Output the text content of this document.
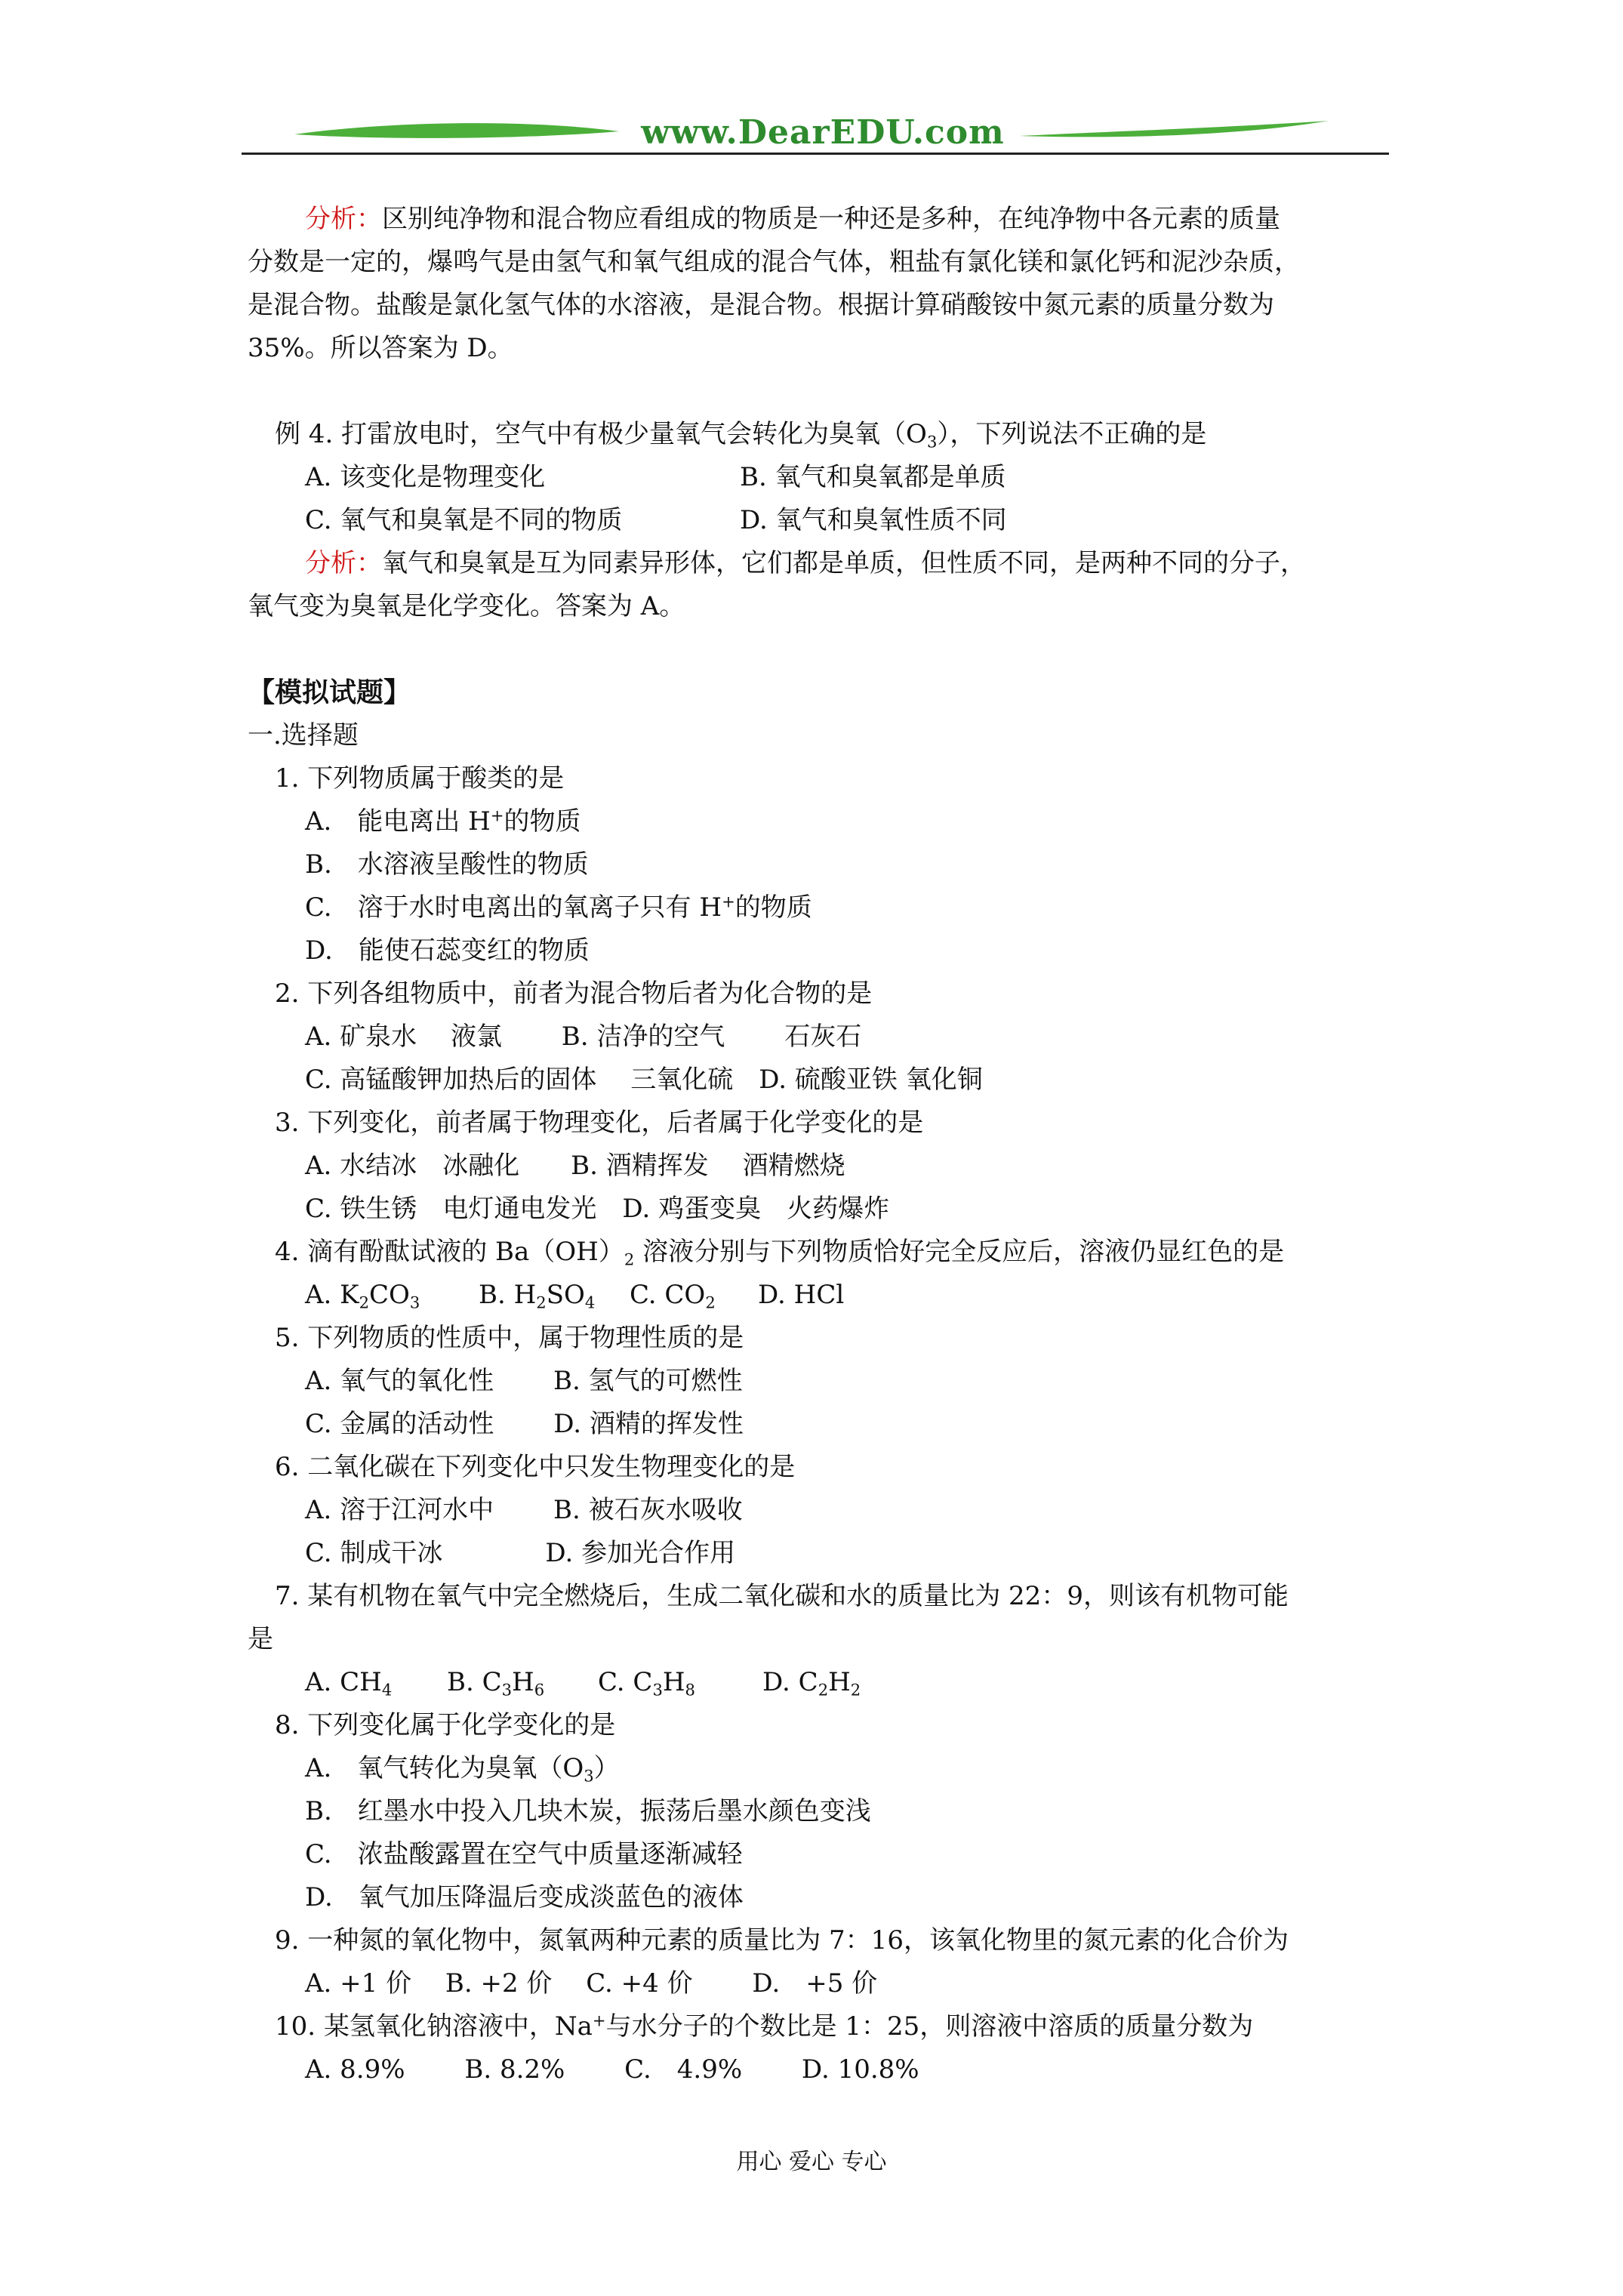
www.DearEDU.com

分析：区别纯净物和混合物应看组成的物质是一种还是多种，在纯净物中各元素的质量

分数是一定的，爆鸣气是由氢气和氧气组成的混合气体，粗盐有氯化镁和氯化钙和泥沙杂质，

是混合物。盐酸是氯化氢气体的水溶液，是混合物。根据计算硝酸铵中氮元素的质量分数为

35%。所以答案为 D。

例 4. 打雷放电时，空气中有极少量氧气会转化为臭氧$(O_3)$，下列说法不正确的是

A. 该变化是物理变化	B. 氧气和臭氧都是单质

C. 氧气和臭氧是不同的物质	D. 氧气和臭氧性质不同

分析：氧气和臭氧是互为同素异形体，它们都是单质，但性质不同，是两种不同的分子，

氧气变为臭氧是化学变化。答案为 A。

【模拟试题】

一.选择题

1. 下列物质属于酸类的是

A.　能电离出 H+的物质

B.　水溶液呈酸性的物质

C.　溶于水时电离出的氧离子只有 H+的物质

D.　能使石蕊变红的物质

2. 下列各组物质中，前者为混合物后者为化合物的是

A. 矿泉水　 液氯　　 B. 洁净的空气　　 石灰石

C. 高锰酸钾加热后的固体　 三氧化硫　D. 硫酸亚铁 氧化铜

3. 下列变化，前者属于物理变化，后者属于化学变化的是

A. 水结冰　冰融化　　B. 酒精挥发　 酒精燃烧

C. 铁生锈　电灯通电发光　D. 鸡蛋变臭　火药爆炸

4. 滴有酚酞试液的 $Ba(OH)_2$ 溶液分别与下列物质恰好完全反应后，溶液仍显红色的是

A. $K_2CO_3$ B. $H_2SO_4$ C. $CO_2$ D. HCl

5. 下列物质的性质中，属于物理性质的是

A. 氧气的氧化性　　 B. 氢气的可燃性

C. 金属的活动性　　 D. 酒精的挥发性

6. 二氧化碳在下列变化中只发生物理变化的是

A. 溶于江河水中　　 B. 被石灰水吸收

C. 制成干冰　　　　D. 参加光合作用

7. 某有机物在氧气中完全燃烧后，生成二氧化碳和水的质量比为 22：9，则该有机物可能

是

A. $CH_4$ B. $C_3H_6$ C. $C_3H_8$	D. $C_2H_2$

8. 下列变化属于化学变化的是

A.　氧气转化为臭氧$(O_3)$

B.　红墨水中投入几块木炭，振荡后墨水颜色变浅

C.　浓盐酸露置在空气中质量逐渐减轻

D.　氧气加压降温后变成淡蓝色的液体

9. 一种氮的氧化物中，氮氧两种元素的质量比为 7：16，该氧化物里的氮元素的化合价为

A. +1 价　 B. +2 价　 C. +4 价　　 D.　+5 价

10. 某氢氧化钠溶液中，Na+与水分子的个数比是 1：25，则溶液中溶质的质量分数为

A. 8.9%　　 B. 8.2%　　 C.　4.9%　　 D. 10.8%

用心 爱心 专心
